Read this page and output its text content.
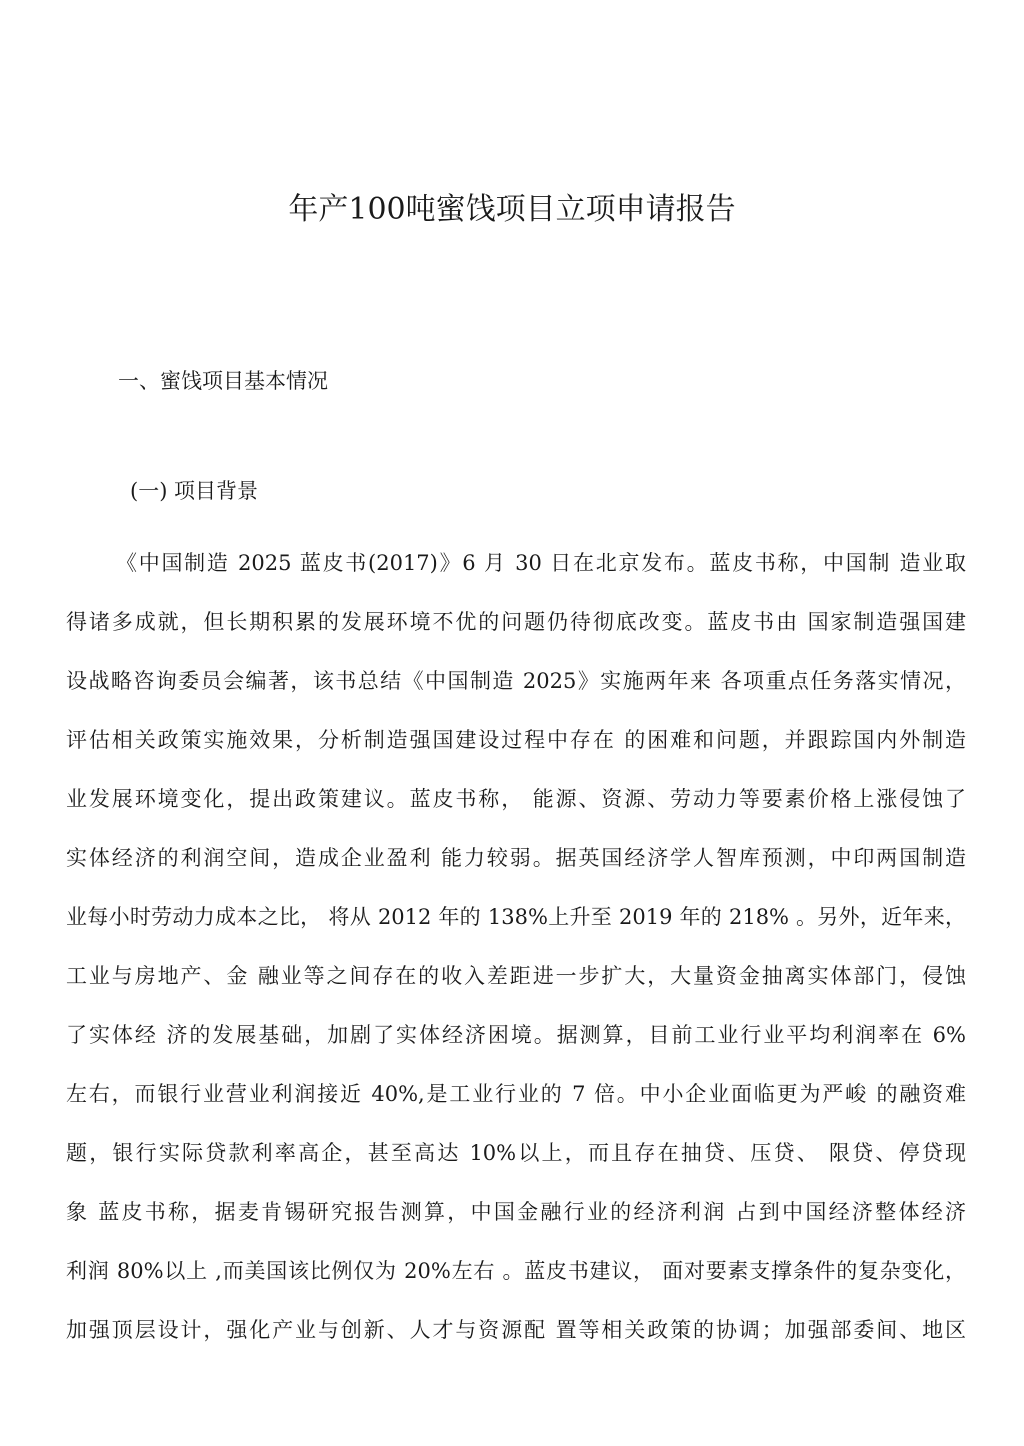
年产100吨蜜饯项目立项申请报告
一、蜜饯项目基本情况
(一) 项目背景
《中国制造 2025 蓝皮书(2017)》6 月 30 日在北京发布。蓝皮书称，中国制 造业取
得诸多成就，但长期积累的发展环境不优的问题仍待彻底改变。蓝皮书由 国家制造强国建
设战略咨询委员会编著，该书总结《中国制造 2025》实施两年来 各项重点任务落实情况，
评估相关政策实施效果，分析制造强国建设过程中存在 的困难和问题，并跟踪国内外制造
业发展环境变化，提出政策建议。蓝皮书称， 能源、资源、劳动力等要素价格上涨侵蚀了
实体经济的利润空间，造成企业盈利 能力较弱。据英国经济学人智库预测，中印两国制造
业每小时劳动力成本之比， 将从 2012 年的 138%上升至 2019 年的 218% 。另外，近年来，
工业与房地产、金 融业等之间存在的收入差距进一步扩大，大量资金抽离实体部门，侵蚀
了实体经 济的发展基础，加剧了实体经济困境。据测算，目前工业行业平均利润率在 6%
左右，而银行业营业利润接近 40%,是工业行业的 7 倍。中小企业面临更为严峻 的融资难
题，银行实际贷款利率高企，甚至高达 10%以上，而且存在抽贷、压贷、 限贷、停贷现
象 蓝皮书称，据麦肯锡研究报告测算，中国金融行业的经济利润 占到中国经济整体经济
利润 80%以上 ,而美国该比例仅为 20%左右 。蓝皮书建议， 面对要素支撑条件的复杂变化，
加强顶层设计，强化产业与创新、人才与资源配 置等相关政策的协调；加强部委间、地区
